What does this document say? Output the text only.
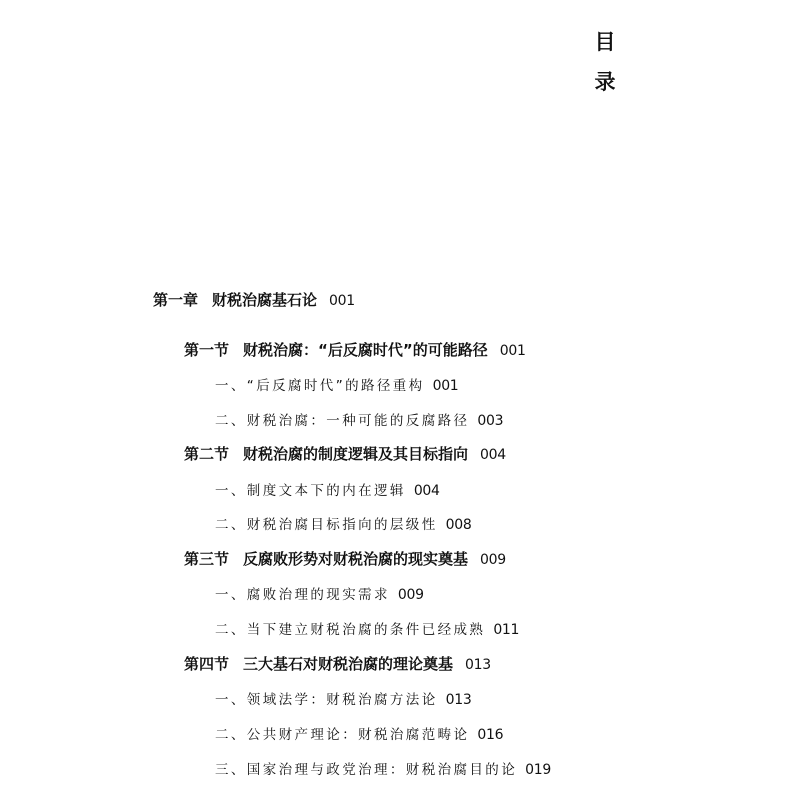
目
录
第一章 财税治腐基石论 001
第一节 财税治腐：“后反腐时代”的可能路径 001
一、“后反腐时代”的路径重构 001
二、财税治腐：一种可能的反腐路径 003
第二节 财税治腐的制度逻辑及其目标指向 004
一、制度文本下的内在逻辑 004
二、财税治腐目标指向的层级性 008
第三节 反腐败形势对财税治腐的现实奠基 009
一、腐败治理的现实需求 009
二、当下建立财税治腐的条件已经成熟 011
第四节 三大基石对财税治腐的理论奠基 013
一、领域法学：财税治腐方法论 013
二、公共财产理论：财税治腐范畴论 016
三、国家治理与政党治理：财税治腐目的论 019
